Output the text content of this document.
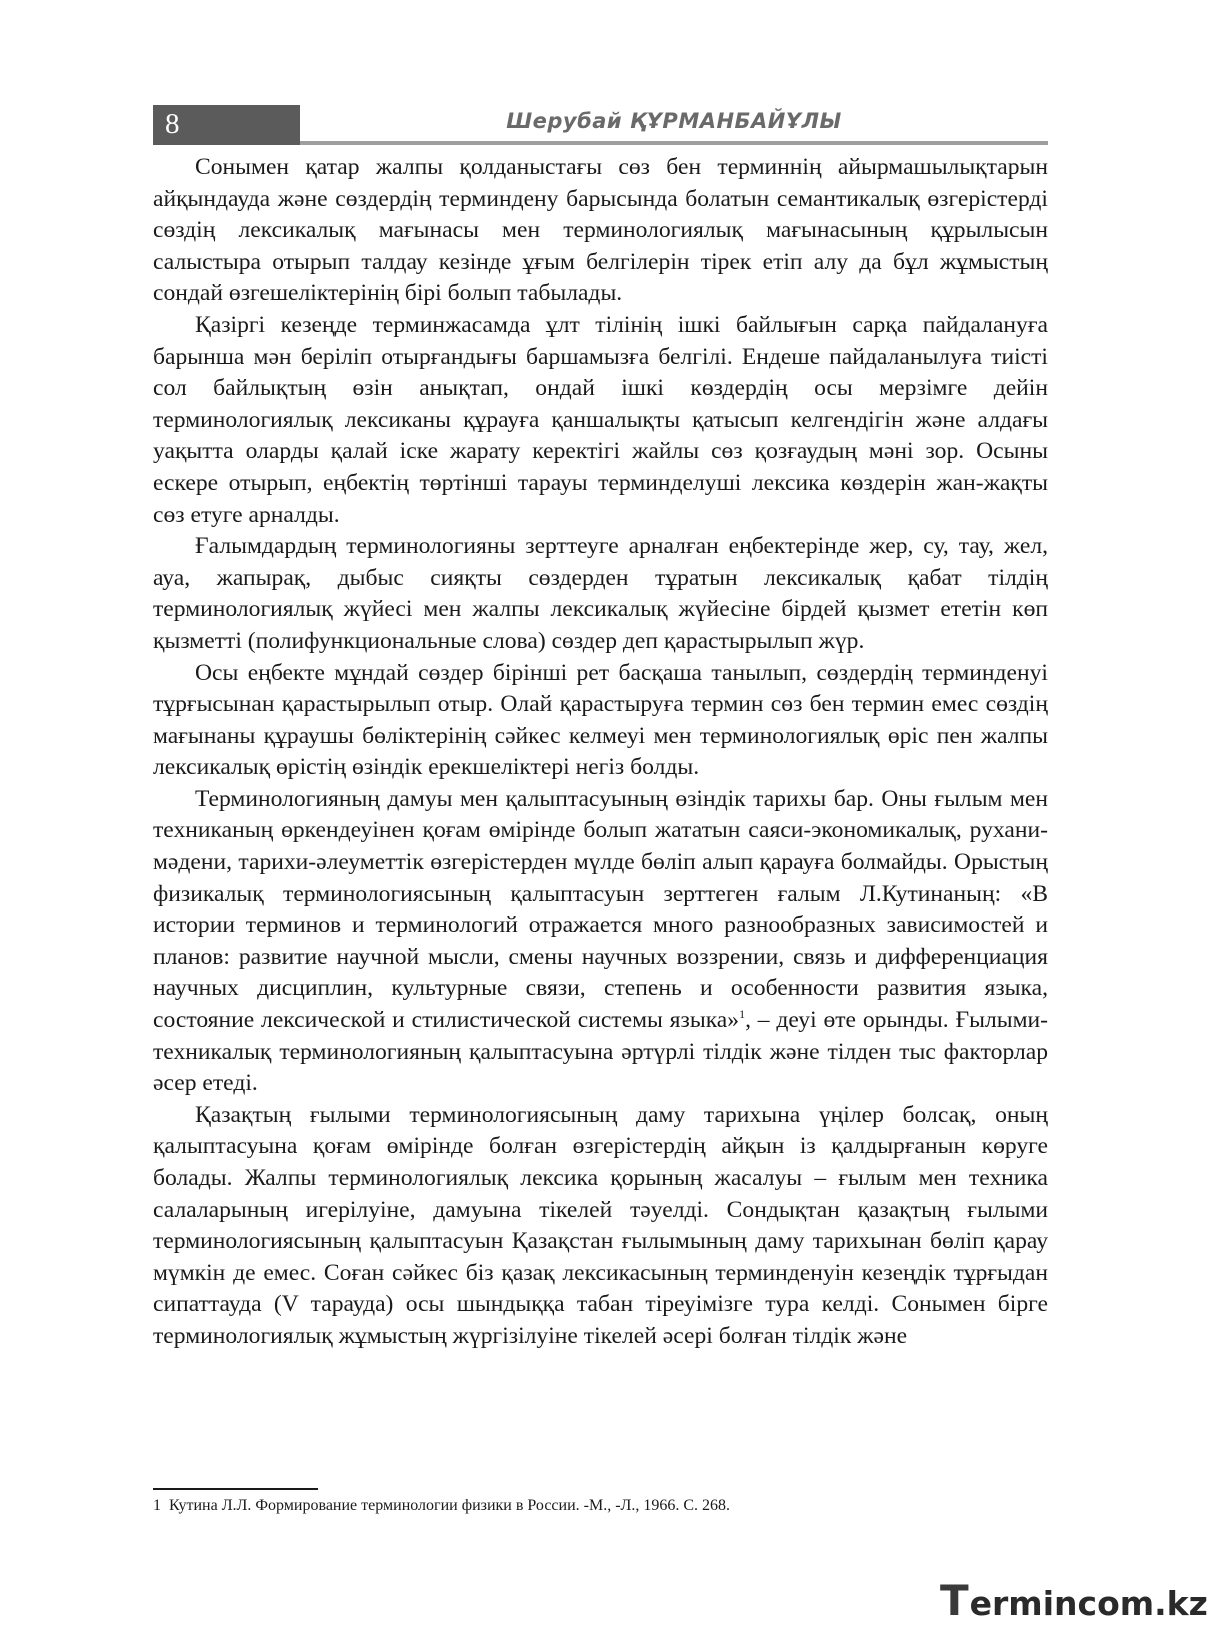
8	Шерубай ҚҰРМАНБАЙҰЛЫ

Сонымен қатар жалпы қолданыстағы сөз бен терминнің айырмашылықтарын айқындауда және сөздердің терминдену барысында болатын семантикалық өзгерістерді сөздің лексикалық мағынасы мен терминологиялық мағынасының құрылысын салыстыра отырып талдау кезінде ұғым белгілерін тірек етіп алу да бұл жұмыстың сондай өзгешеліктерінің бірі болып табылады.

Қазіргі кезеңде терминжасамда ұлт тілінің ішкі байлығын сарқа пайдалануға барынша мән беріліп отырғандығы баршамызға белгілі. Ендеше пайдаланылуға тиісті сол байлықтың өзін анықтап, ондай ішкі көздердің осы мерзімге дейін терминологиялық лексиканы құрауға қаншалықты қатысып келгендігін және алдағы уақытта оларды қалай іске жарату керектігі жайлы сөз қозғаудың мәні зор. Осыны ескере отырып, еңбектің төртінші тарауы терминделуші лексика көздерін жан-жақты сөз етуге арналды.

Ғалымдардың терминологияны зерттеуге арналған еңбектерінде жер, су, тау, жел, ауа, жапырақ, дыбыс сияқты сөздерден тұратын лексикалық қабат тілдің терминологиялық жүйесі мен жалпы лексикалық жүйесіне бірдей қызмет ететін көп қызметті (полифункциональные слова) сөздер деп қарастырылып жүр.

Осы еңбекте мұндай сөздер бірінші рет басқаша танылып, сөздердің терминденуі тұрғысынан қарастырылып отыр. Олай қарастыруға термин сөз бен термин емес сөздің мағынаны құраушы бөліктерінің сәйкес келмеуі мен терминологиялық өріс пен жалпы лексикалық өрістің өзіндік ерекшеліктері негіз болды.

Терминологияның дамуы мен қалыптасуының өзіндік тарихы бар. Оны ғылым мен техниканың өркендеуінен қоғам өмірінде болып жататын саяси-экономикалық, рухани-мәдени, тарихи-әлеуметтік өзгерістерден мүлде бөліп алып қарауға болмайды. Орыстың физикалық терминологиясының қалыптасуын зерттеген ғалым Л.Кутинаның: «В истории терминов и терминологий отражается много разнообразных зависимостей и планов: развитие научной мысли, смены научных воззрении, связь и дифференциация научных дисциплин, культурные связи, степень и особенности развития языка, состояние лексической и стилистической системы языка»$^1$, – деуі өте орынды. Ғылыми-техникалық терминологияның қалыптасуына әртүрлі тілдік және тілден тыс факторлар әсер етеді.

Қазақтың ғылыми терминологиясының даму тарихына үңілер болсақ, оның қалыптасуына қоғам өмірінде болған өзгерістердің айқын із қалдырғанын көруге болады. Жалпы терминологиялық лексика қорының жасалуы – ғылым мен техника салаларының игерілуіне, дамуына тікелей тәуелді. Сондықтан қазақтың ғылыми терминологиясының қалыптасуын Қазақстан ғылымының даму тарихынан бөліп қарау мүмкін де емес. Соған сәйкес біз қазақ лексикасының терминденуін кезеңдік тұрғыдан сипаттауда (V тарауда) осы шындыққа табан тіреуімізге тура келді. Сонымен бірге терминологиялық жұмыстың жүргізілуіне тікелей әсері болған тілдік және

1 Кутина Л.Л. Формирование терминологии физики в России. -М., -Л., 1966. С. 268.
T ermincom.kz
